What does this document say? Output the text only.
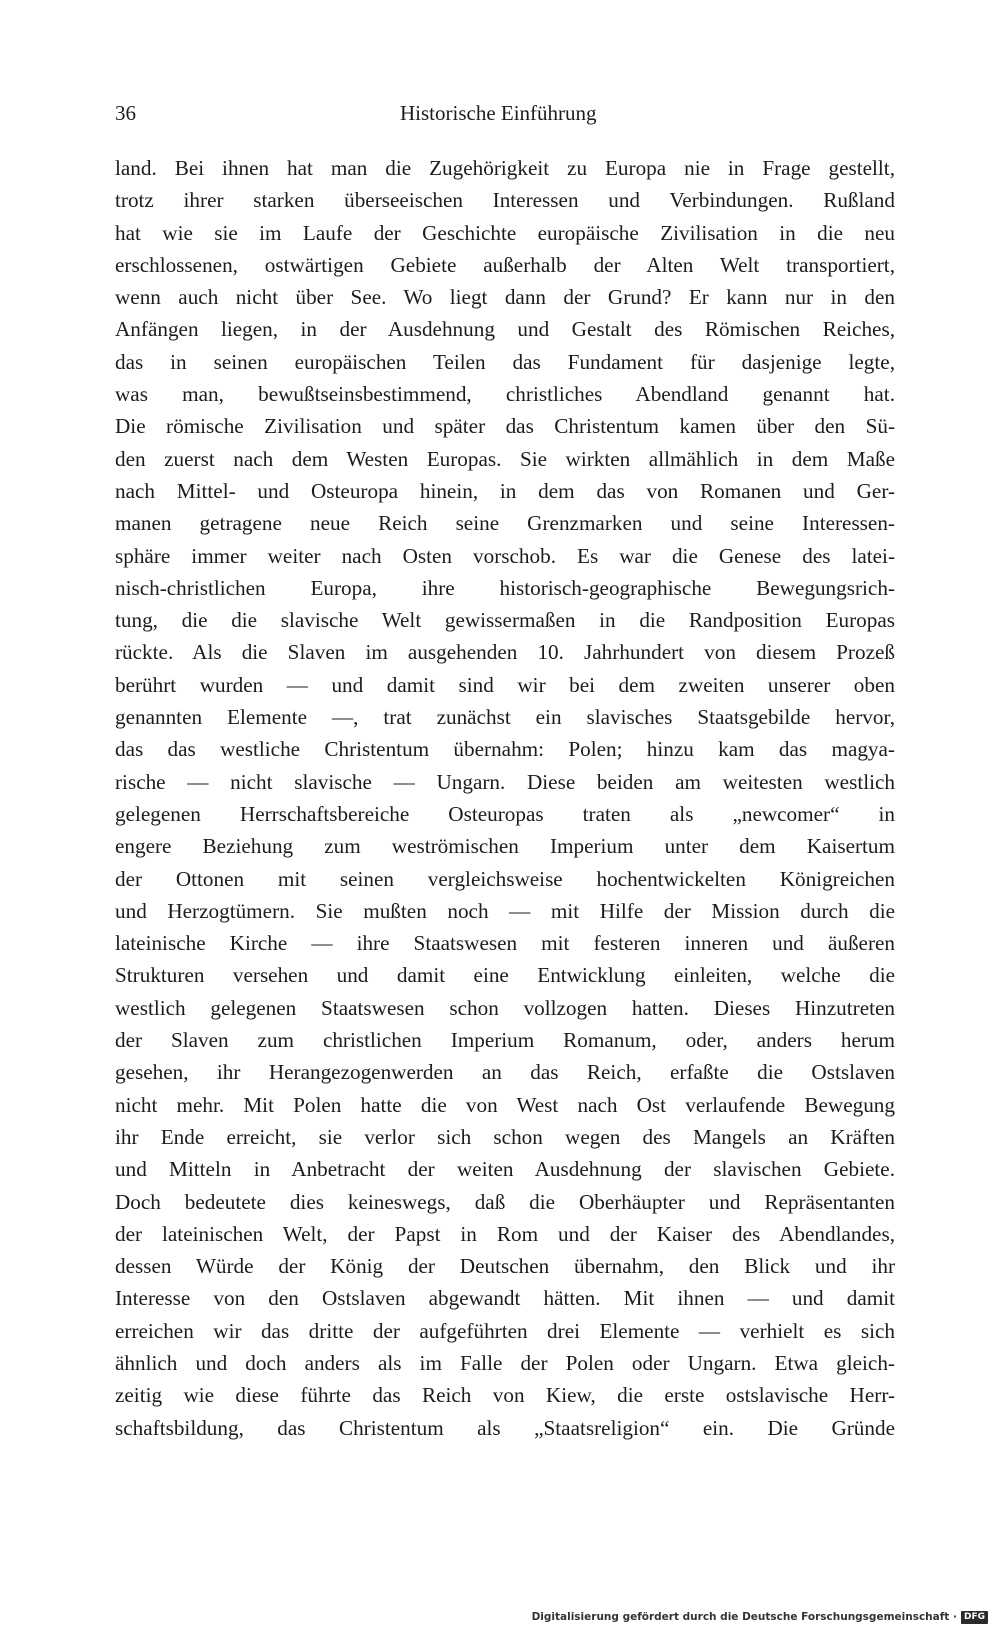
36	Historische Einführung
land. Bei ihnen hat man die Zugehörigkeit zu Europa nie in Frage gestellt,
trotz ihrer starken überseeischen Interessen und Verbindungen. Rußland
hat wie sie im Laufe der Geschichte europäische Zivilisation in die neu
erschlossenen, ostwärtigen Gebiete außerhalb der Alten Welt transportiert,
wenn auch nicht über See. Wo liegt dann der Grund? Er kann nur in den
Anfängen liegen, in der Ausdehnung und Gestalt des Römischen Reiches,
das in seinen europäischen Teilen das Fundament für dasjenige legte,
was man, bewußtseinsbestimmend, christliches Abendland genannt hat.
Die römische Zivilisation und später das Christentum kamen über den Sü-
den zuerst nach dem Westen Europas. Sie wirkten allmählich in dem Maße
nach Mittel- und Osteuropa hinein, in dem das von Romanen und Ger-
manen getragene neue Reich seine Grenzmarken und seine Interessen-
sphäre immer weiter nach Osten vorschob. Es war die Genese des latei-
nisch-christlichen Europa, ihre historisch-geographische Bewegungsrich-
tung, die die slavische Welt gewissermaßen in die Randposition Europas
rückte. Als die Slaven im ausgehenden 10. Jahrhundert von diesem Prozeß
berührt wurden — und damit sind wir bei dem zweiten unserer oben
genannten Elemente —, trat zunächst ein slavisches Staatsgebilde hervor,
das das westliche Christentum übernahm: Polen; hinzu kam das magya-
rische — nicht slavische — Ungarn. Diese beiden am weitesten westlich
gelegenen Herrschaftsbereiche Osteuropas traten als „newcomer“ in
engere Beziehung zum weströmischen Imperium unter dem Kaisertum
der Ottonen mit seinen vergleichsweise hochentwickelten Königreichen
und Herzogtümern. Sie mußten noch — mit Hilfe der Mission durch die
lateinische Kirche — ihre Staatswesen mit festeren inneren und äußeren
Strukturen versehen und damit eine Entwicklung einleiten, welche die
westlich gelegenen Staatswesen schon vollzogen hatten. Dieses Hinzutreten
der Slaven zum christlichen Imperium Romanum, oder, anders herum
gesehen, ihr Herangezogenwerden an das Reich, erfaßte die Ostslaven
nicht mehr. Mit Polen hatte die von West nach Ost verlaufende Bewegung
ihr Ende erreicht, sie verlor sich schon wegen des Mangels an Kräften
und Mitteln in Anbetracht der weiten Ausdehnung der slavischen Gebiete.
Doch bedeutete dies keineswegs, daß die Oberhäupter und Repräsentanten
der lateinischen Welt, der Papst in Rom und der Kaiser des Abendlandes,
dessen Würde der König der Deutschen übernahm, den Blick und ihr
Interesse von den Ostslaven abgewandt hätten. Mit ihnen — und damit
erreichen wir das dritte der aufgeführten drei Elemente — verhielt es sich
ähnlich und doch anders als im Falle der Polen oder Ungarn. Etwa gleich-
zeitig wie diese führte das Reich von Kiew, die erste ostslavische Herr-
schaftsbildung, das Christentum als „Staatsreligion“ ein. Die Gründe
Digitalisierung gefördert durch die Deutsche Forschungsgemeinschaft · DFG
